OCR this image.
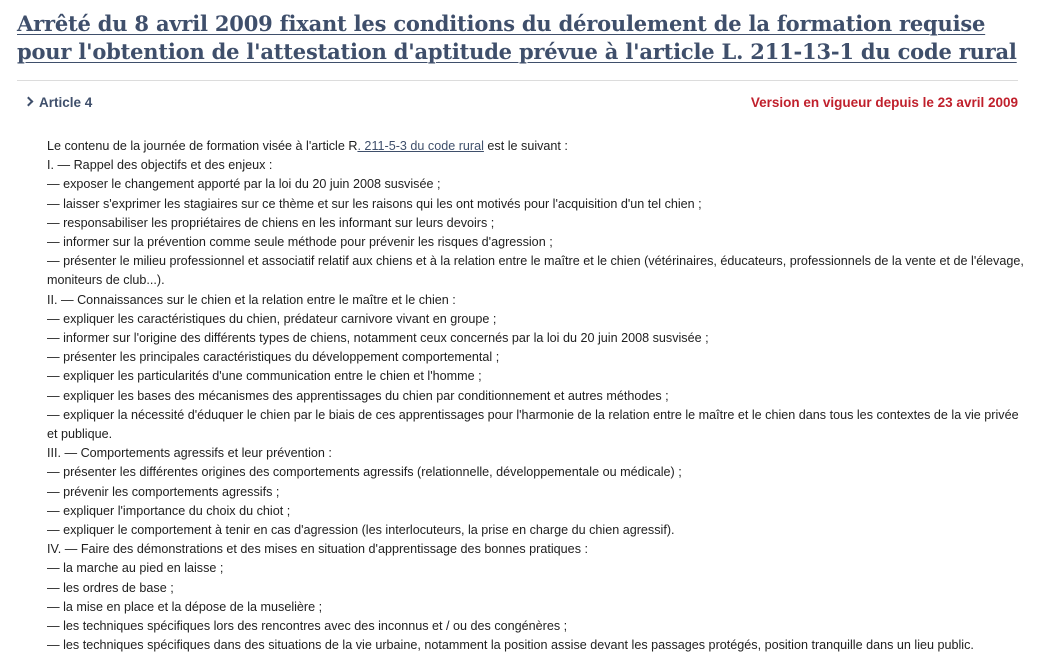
Arrêté du 8 avril 2009 fixant les conditions du déroulement de la formation requise pour l'obtention de l'attestation d'aptitude prévue à l'article L. 211-13-1 du code rural
Article 4	Version en vigueur depuis le 23 avril 2009

Le contenu de la journée de formation visée à l'article R. 211-5-3 du code rural est le suivant :

I. — Rappel des objectifs et des enjeux :

— exposer le changement apporté par la loi du 20 juin 2008 susvisée ;

— laisser s'exprimer les stagiaires sur ce thème et sur les raisons qui les ont motivés pour l'acquisition d'un tel chien ;

— responsabiliser les propriétaires de chiens en les informant sur leurs devoirs ;

— informer sur la prévention comme seule méthode pour prévenir les risques d'agression ;

— présenter le milieu professionnel et associatif relatif aux chiens et à la relation entre le maître et le chien (vétérinaires, éducateurs, professionnels de la vente et de l'élevage, moniteurs de club...).

II. — Connaissances sur le chien et la relation entre le maître et le chien :

— expliquer les caractéristiques du chien, prédateur carnivore vivant en groupe ;

— informer sur l'origine des différents types de chiens, notamment ceux concernés par la loi du 20 juin 2008 susvisée ;

— présenter les principales caractéristiques du développement comportemental ;

— expliquer les particularités d'une communication entre le chien et l'homme ;

— expliquer les bases des mécanismes des apprentissages du chien par conditionnement et autres méthodes ;

— expliquer la nécessité d'éduquer le chien par le biais de ces apprentissages pour l'harmonie de la relation entre le maître et le chien dans tous les contextes de la vie privée et publique.

III. — Comportements agressifs et leur prévention :

— présenter les différentes origines des comportements agressifs (relationnelle, développementale ou médicale) ;

— prévenir les comportements agressifs ;

— expliquer l'importance du choix du chiot ;

— expliquer le comportement à tenir en cas d'agression (les interlocuteurs, la prise en charge du chien agressif).

IV. — Faire des démonstrations et des mises en situation d'apprentissage des bonnes pratiques :

— la marche au pied en laisse ;

— les ordres de base ;

— la mise en place et la dépose de la muselière ;

— les techniques spécifiques lors des rencontres avec des inconnus et / ou des congénères ;

— les techniques spécifiques dans des situations de la vie urbaine, notamment la position assise devant les passages protégés, position tranquille dans un lieu public.
